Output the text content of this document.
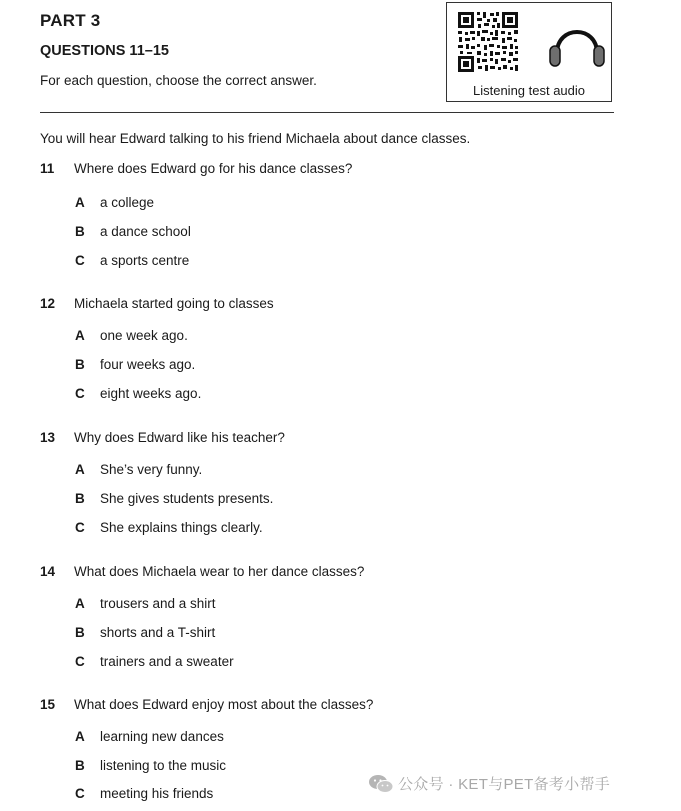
PART 3
QUESTIONS 11–15
For each question, choose the correct answer.
Listening test audio
You will hear Edward talking to his friend Michaela about dance classes.
11 Where does Edward go for his dance classes?
A a college
B a dance school
C a sports centre
12 Michaela started going to classes
A one week ago.
B four weeks ago.
C eight weeks ago.
13 Why does Edward like his teacher?
A She’s very funny.
B She gives students presents.
C She explains things clearly.
14 What does Michaela wear to her dance classes?
A trousers and a shirt
B shorts and a T-shirt
C trainers and a sweater
15 What does Edward enjoy most about the classes?
A learning new dances
B listening to the music
C meeting his friends
公众号 · KET与PET备考小帮手
